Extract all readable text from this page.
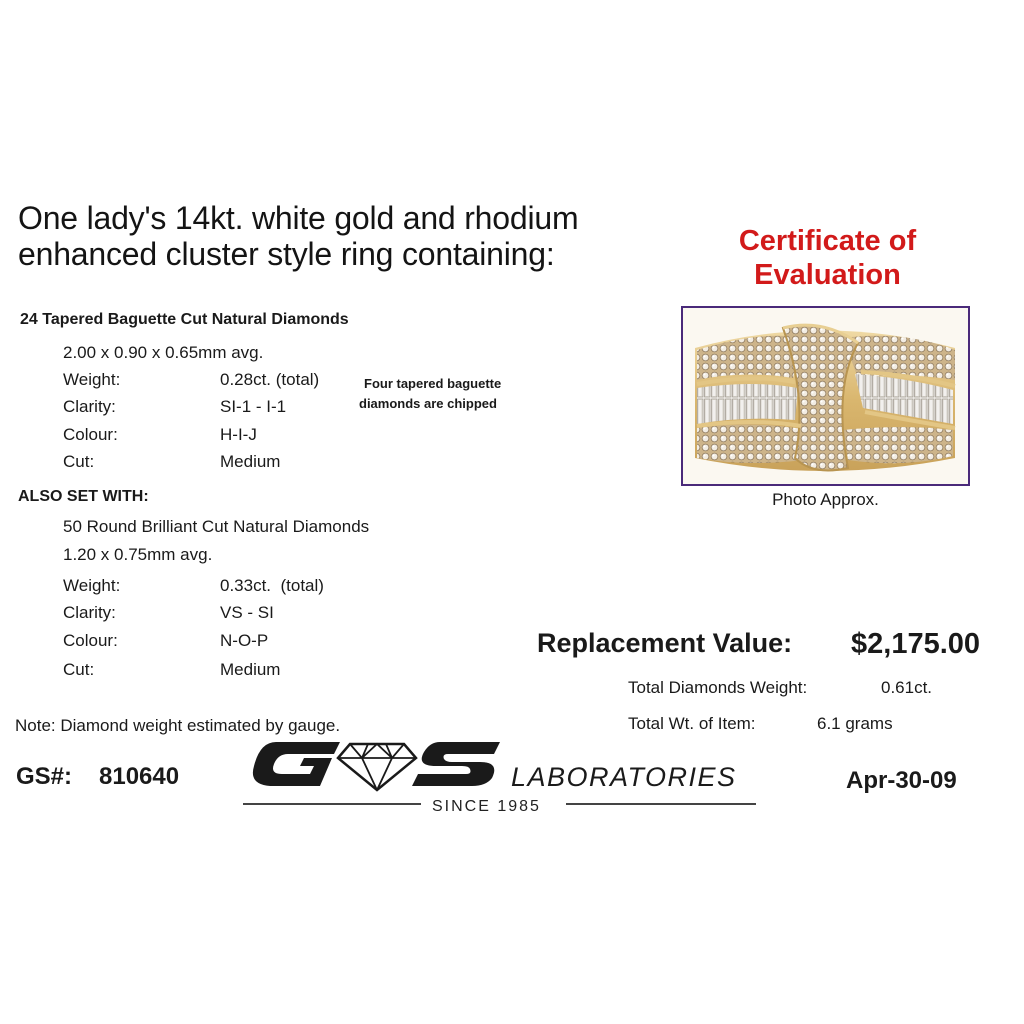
One lady's 14kt. white gold and rhodium
enhanced cluster style ring containing:
24 Tapered Baguette Cut Natural Diamonds
2.00 x 0.90 x 0.65mm avg.
Weight:	0.28ct. (total)
Clarity:	SI-1 - I-1
Colour:	H-I-J
Cut:	Medium
Four tapered baguette
diamonds are chipped
ALSO SET WITH:
50 Round Brilliant Cut Natural Diamonds
1.20 x 0.75mm avg.
Weight:	0.33ct.  (total)
Clarity:	VS - SI
Colour:	N-O-P
Cut:	Medium
Note: Diamond weight estimated by gauge.
Certificate of
Evaluation
Photo Approx.
Replacement Value: $2,175.00
Total Diamonds Weight:	0.61ct.
Total Wt. of Item:	6.1 grams
GS#: 810640	LABORATORIES
SINCE 1985
Apr-30-09
